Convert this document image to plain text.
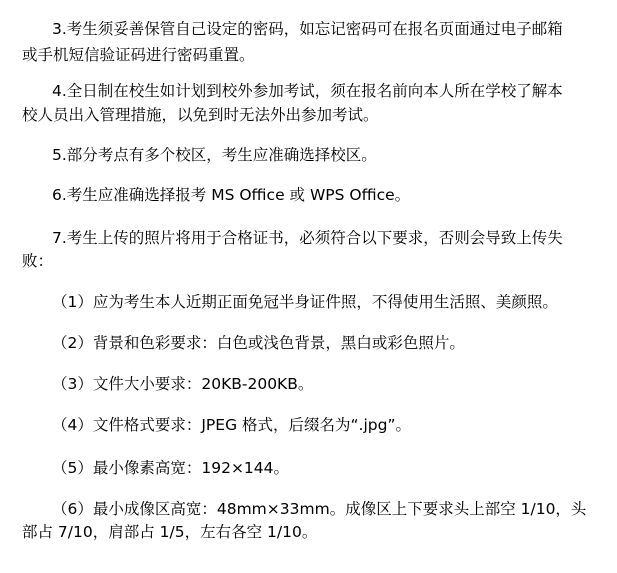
3.考生须妥善保管自己设定的密码，如忘记密码可在报名页面通过电子邮箱
或手机短信验证码进行密码重置。
4.全日制在校生如计划到校外参加考试，须在报名前向本人所在学校了解本
校人员出入管理措施，以免到时无法外出参加考试。
5.部分考点有多个校区，考生应准确选择校区。
6.考生应准确选择报考 MS Office 或 WPS Office。
7.考生上传的照片将用于合格证书，必须符合以下要求，否则会导致上传失
败：
（1）应为考生本人近期正面免冠半身证件照，不得使用生活照、美颜照。
（2）背景和色彩要求：白色或浅色背景，黑白或彩色照片。
（3）文件大小要求：20KB-200KB。
（4）文件格式要求：JPEG 格式，后缀名为“.jpg”。
（5）最小像素高宽：192×144。
（6）最小成像区高宽：48mm×33mm。成像区上下要求头上部空 1/10，头
部占 7/10，肩部占 1/5，左右各空 1/10。
